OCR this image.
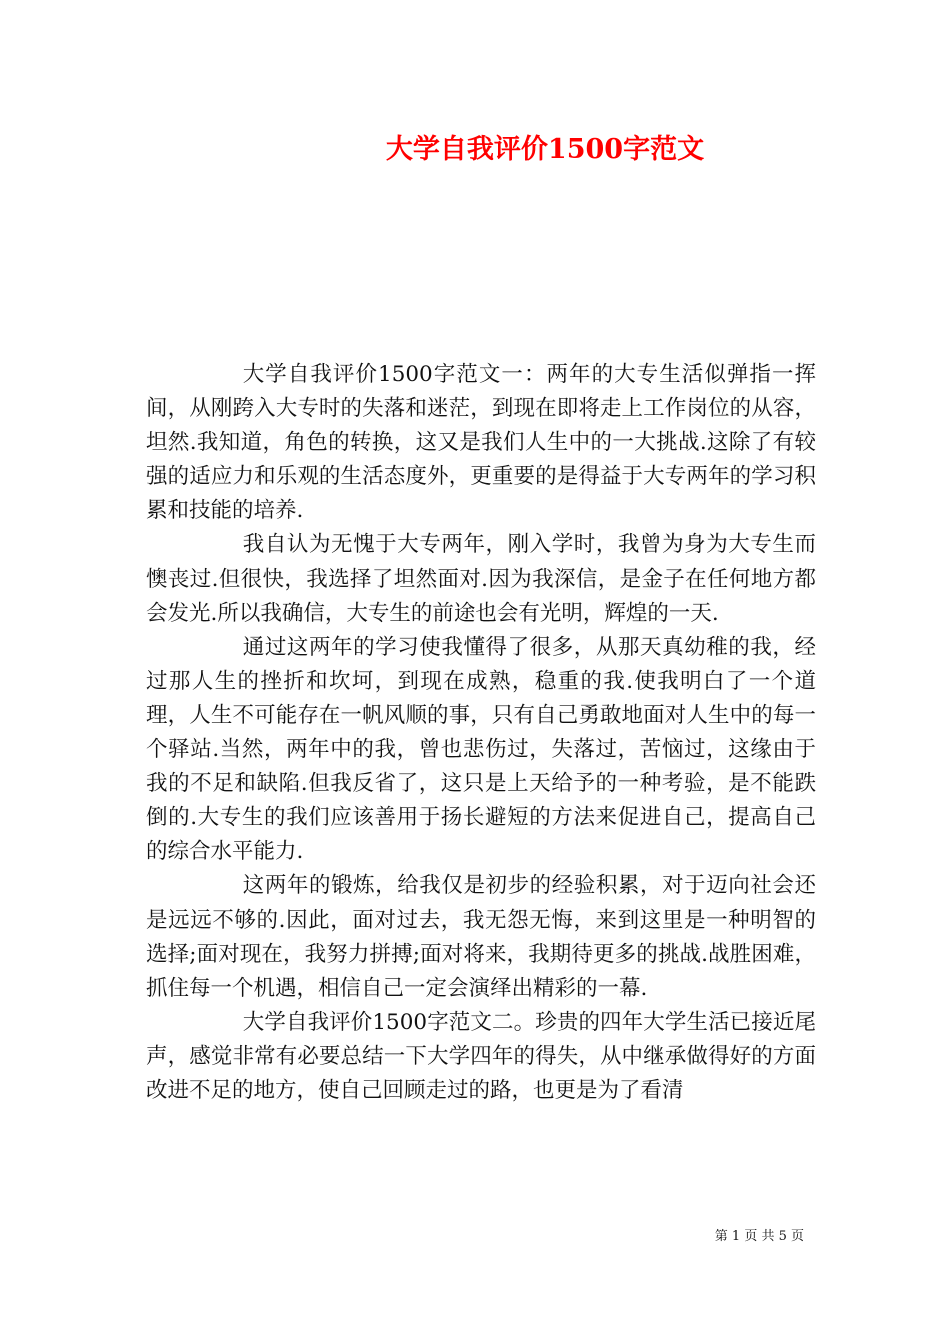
大学自我评价1500字范文

大学自我评价1500字范文一：两年的大专生活似弹指一挥间，从刚跨入大专时的失落和迷茫，到现在即将走上工作岗位的从容，坦然.我知道，角色的转换，这又是我们人生中的一大挑战.这除了有较强的适应力和乐观的生活态度外，更重要的是得益于大专两年的学习积累和技能的培养.

我自认为无愧于大专两年，刚入学时，我曾为身为大专生而懊丧过.但很快，我选择了坦然面对.因为我深信，是金子在任何地方都会发光.所以我确信，大专生的前途也会有光明，辉煌的一天.

通过这两年的学习使我懂得了很多，从那天真幼稚的我，经过那人生的挫折和坎坷，到现在成熟，稳重的我.使我明白了一个道理，人生不可能存在一帆风顺的事，只有自己勇敢地面对人生中的每一个驿站.当然，两年中的我，曾也悲伤过，失落过，苦恼过，这缘由于我的不足和缺陷.但我反省了，这只是上天给予的一种考验，是不能跌倒的.大专生的我们应该善用于扬长避短的方法来促进自己，提高自己的综合水平能力.

这两年的锻炼，给我仅是初步的经验积累，对于迈向社会还是远远不够的.因此，面对过去，我无怨无悔，来到这里是一种明智的选择;面对现在，我努力拼搏;面对将来，我期待更多的挑战.战胜困难，抓住每一个机遇，相信自己一定会演绎出精彩的一幕.

大学自我评价1500字范文二。珍贵的四年大学生活已接近尾声，感觉非常有必要总结一下大学四年的得失，从中继承做得好的方面改进不足的地方，使自己回顾走过的路，也更是为了看清

第 1 页 共 5 页
